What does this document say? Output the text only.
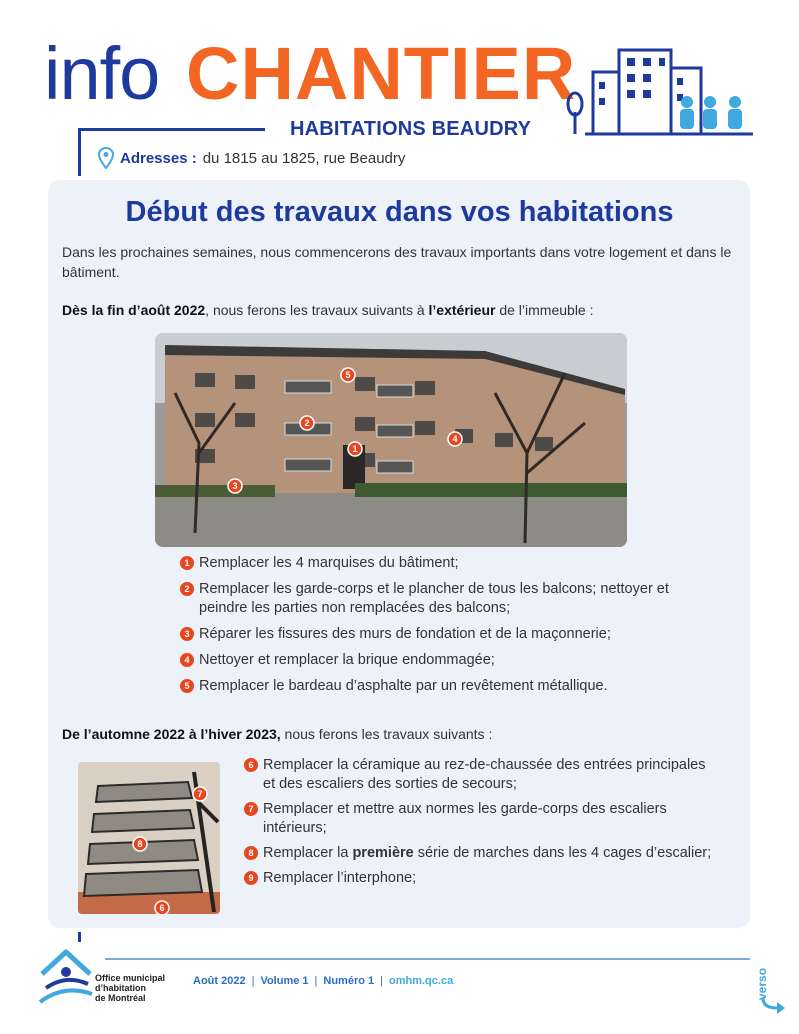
info CHANTIER
HABITATIONS BEAUDRY
Adresses : du 1815 au 1825, rue Beaudry
Début des travaux dans vos habitations
Dans les prochaines semaines, nous commencerons des travaux importants dans votre logement et dans le bâtiment.
Dès la fin d’août 2022, nous ferons les travaux suivants à l’extérieur de l’immeuble :
1
2
3
4
5
1 Remplacer les 4 marquises du bâtiment;
2 Remplacer les garde-corps et le plancher de tous les balcons; nettoyer et peindre les parties non remplacées des balcons;
3 Réparer les fissures des murs de fondation et de la maçonnerie;
4 Nettoyer et remplacer la brique endommagée;
5 Remplacer le bardeau d’asphalte par un revêtement métallique.
De l’automne 2022 à l’hiver 2023, nous ferons les travaux suivants :
7
8
6
6 Remplacer la céramique au rez-de-chaussée des entrées principales et des escaliers des sorties de secours;
7 Remplacer et mettre aux normes les garde-corps des escaliers intérieurs;
8 Remplacer la première série de marches dans les 4 cages d’escalier;
9 Remplacer l’interphone;
Office municipal
d’habitation
de Montréal
Août 2022 | Volume 1 | Numéro 1 | omhm.qc.ca	verso
